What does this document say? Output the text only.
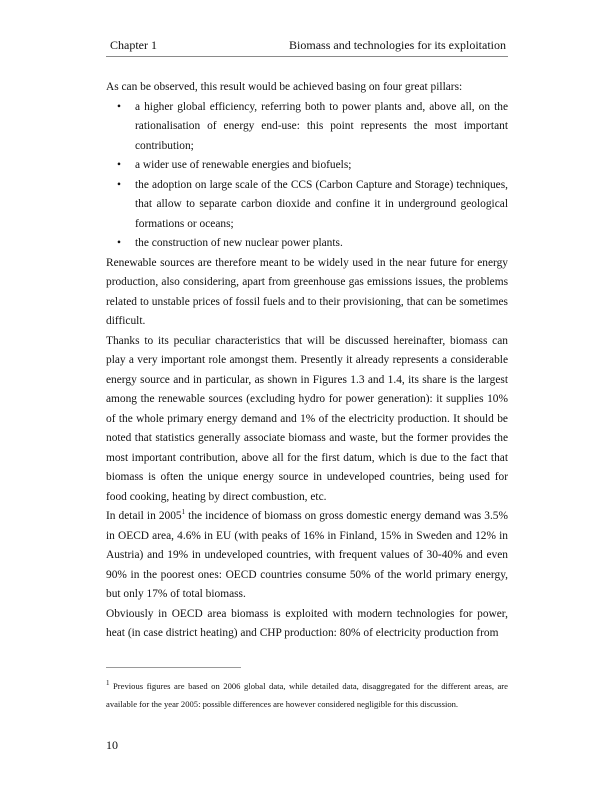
Chapter 1	Biomass and technologies for its exploitation

As can be observed, this result would be achieved basing on four great pillars:

• a higher global efficiency, referring both to power plants and, above all, on the rationalisation of energy end-use: this point represents the most important contribution;
• a wider use of renewable energies and biofuels;
• the adoption on large scale of the CCS (Carbon Capture and Storage) techniques, that allow to separate carbon dioxide and confine it in underground geological formations or oceans;
• the construction of new nuclear power plants.

Renewable sources are therefore meant to be widely used in the near future for energy production, also considering, apart from greenhouse gas emissions issues, the problems related to unstable prices of fossil fuels and to their provisioning, that can be sometimes difficult.

Thanks to its peculiar characteristics that will be discussed hereinafter, biomass can play a very important role amongst them. Presently it already represents a considerable energy source and in particular, as shown in Figures 1.3 and 1.4, its share is the largest among the renewable sources (excluding hydro for power generation): it supplies 10% of the whole primary energy demand and 1% of the electricity production. It should be noted that statistics generally associate biomass and waste, but the former provides the most important contribution, above all for the first datum, which is due to the fact that biomass is often the unique energy source in undeveloped countries, being used for food cooking, heating by direct combustion, etc.

In detail in 2005$^1$ the incidence of biomass on gross domestic energy demand was 3.5% in OECD area, 4.6% in EU (with peaks of 16% in Finland, 15% in Sweden and 12% in Austria) and 19% in undeveloped countries, with frequent values of 30-40% and even 90% in the poorest ones: OECD countries consume 50% of the world primary energy, but only 17% of total biomass.

Obviously in OECD area biomass is exploited with modern technologies for power, heat (in case district heating) and CHP production: 80% of electricity production from

$^1$ Previous figures are based on 2006 global data, while detailed data, disaggregated for the different areas, are available for the year 2005: possible differences are however considered negligible for this discussion.
10
